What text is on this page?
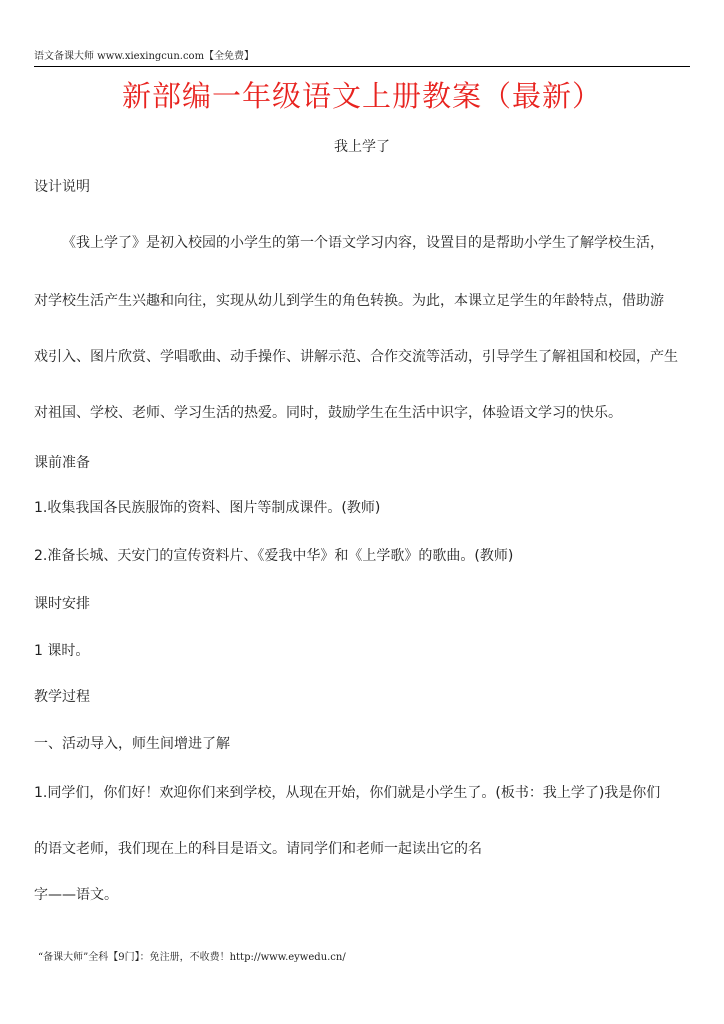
语文备课大师 www.xiexingcun.com【全免费】
新部编一年级语文上册教案（最新）
我上学了
设计说明
《我上学了》是初入校园的小学生的第一个语文学习内容，设置目的是帮助小学生了解学校生活，
对学校生活产生兴趣和向往，实现从幼儿到学生的角色转换。为此，本课立足学生的年龄特点，借助游
戏引入、图片欣赏、学唱歌曲、动手操作、讲解示范、合作交流等活动，引导学生了解祖国和校园，产生
对祖国、学校、老师、学习生活的热爱。同时，鼓励学生在生活中识字，体验语文学习的快乐。
课前准备
1.收集我国各民族服饰的资料、图片等制成课件。(教师)
2.准备长城、天安门的宣传资料片、《爱我中华》和《上学歌》的歌曲。(教师)
课时安排
1 课时。
教学过程
一、活动导入，师生间增进了解
1.同学们，你们好！欢迎你们来到学校，从现在开始，你们就是小学生了。(板书：我上学了)我是你们
的语文老师，我们现在上的科目是语文。请同学们和老师一起读出它的名
字——语文。
“备课大师”全科【9门】：免注册，不收费！http://www.eywedu.cn/
